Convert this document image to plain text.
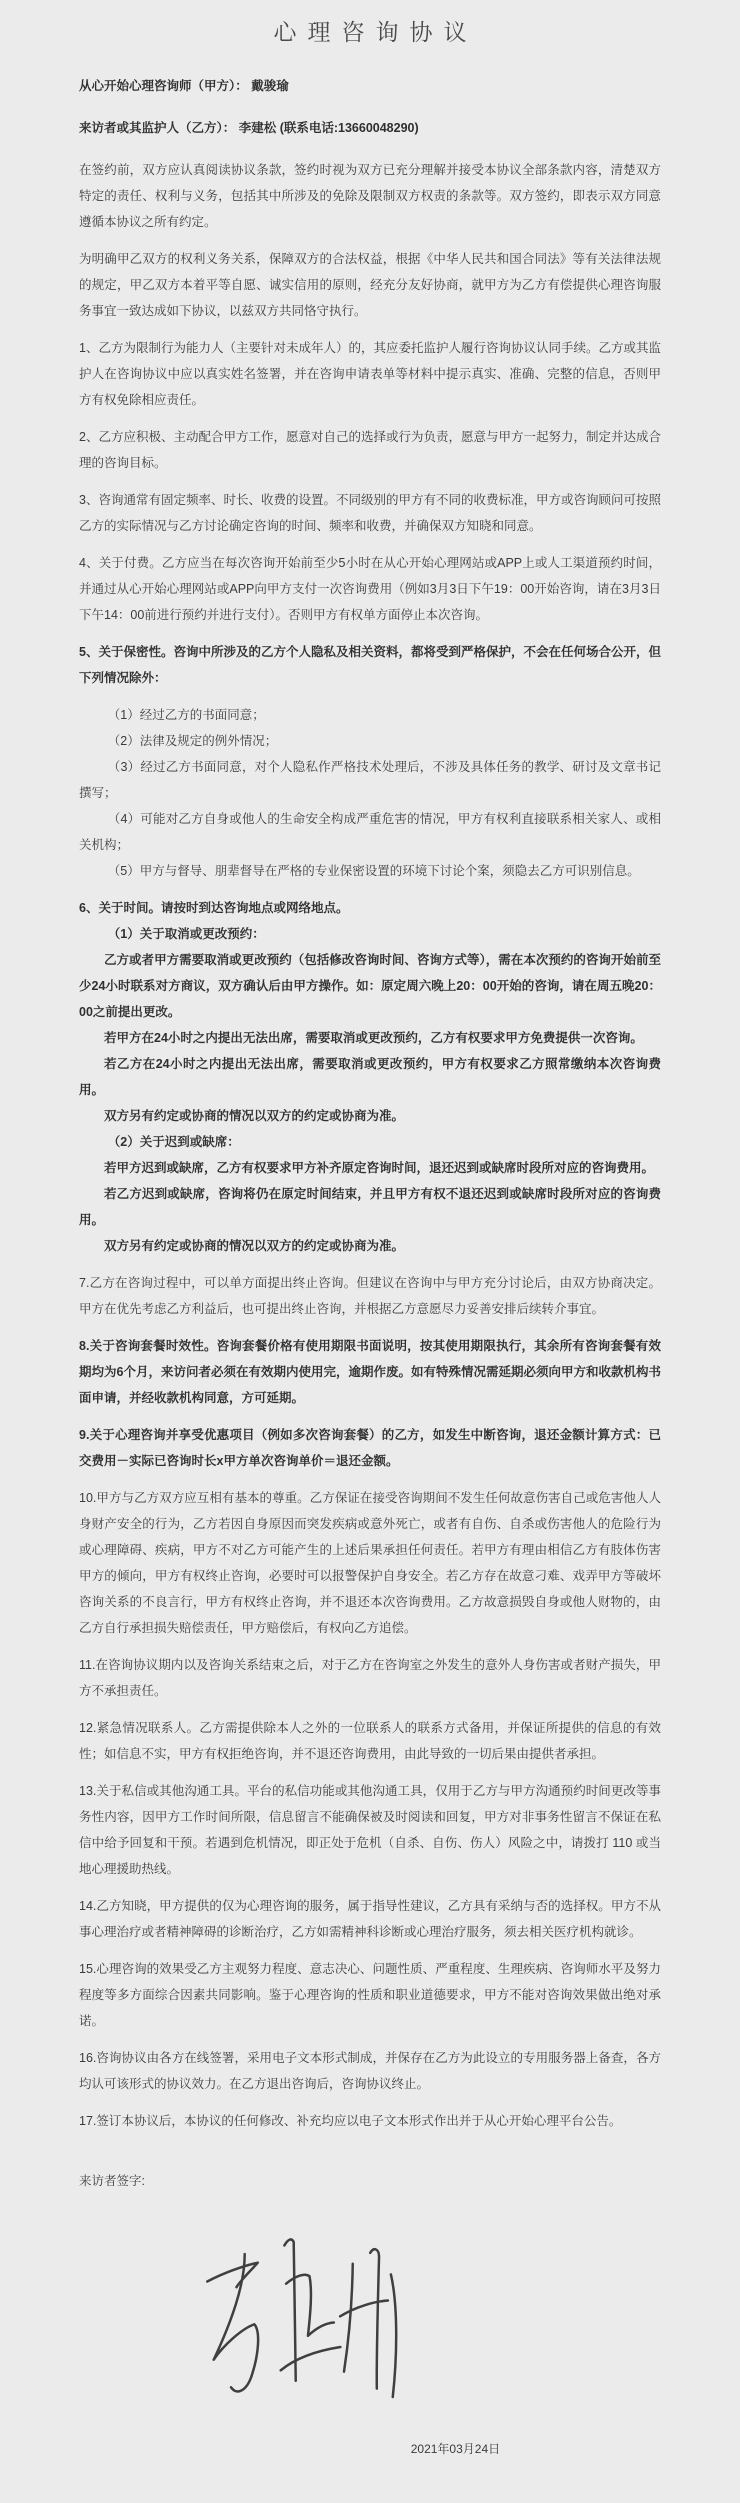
心理咨询协议

从心开始心理咨询师（甲方）： 戴骏瑜

来访者或其监护人（乙方）： 李建松 (联系电话:13660048290)

在签约前，双方应认真阅读协议条款，签约时视为双方已充分理解并接受本协议全部条款内容，清楚双方特定的责任、权利与义务，包括其中所涉及的免除及限制双方权责的条款等。双方签约，即表示双方同意遵循本协议之所有约定。

为明确甲乙双方的权利义务关系，保障双方的合法权益，根据《中华人民共和国合同法》等有关法律法规的规定，甲乙双方本着平等自愿、诚实信用的原则，经充分友好协商，就甲方为乙方有偿提供心理咨询服务事宜一致达成如下协议，以兹双方共同恪守执行。

1、乙方为限制行为能力人（主要针对未成年人）的，其应委托监护人履行咨询协议认同手续。乙方或其监护人在咨询协议中应以真实姓名签署，并在咨询申请表单等材料中提示真实、准确、完整的信息，否则甲方有权免除相应责任。

2、乙方应积极、主动配合甲方工作，愿意对自己的选择或行为负责，愿意与甲方一起努力，制定并达成合理的咨询目标。

3、咨询通常有固定频率、时长、收费的设置。不同级别的甲方有不同的收费标准，甲方或咨询顾问可按照乙方的实际情况与乙方讨论确定咨询的时间、频率和收费，并确保双方知晓和同意。

4、关于付费。乙方应当在每次咨询开始前至少5小时在从心开始心理网站或APP上或人工渠道预约时间，并通过从心开始心理网站或APP向甲方支付一次咨询费用（例如3月3日下午19：00开始咨询，请在3月3日下午14：00前进行预约并进行支付）。否则甲方有权单方面停止本次咨询。

5、关于保密性。咨询中所涉及的乙方个人隐私及相关资料，都将受到严格保护，不会在任何场合公开，但下列情况除外：

（1）经过乙方的书面同意；

（2）法律及规定的例外情况；

（3）经过乙方书面同意，对个人隐私作严格技术处理后，不涉及具体任务的教学、研讨及文章书记撰写；

（4）可能对乙方自身或他人的生命安全构成严重危害的情况，甲方有权利直接联系相关家人、或相关机构；

（5）甲方与督导、朋辈督导在严格的专业保密设置的环境下讨论个案，须隐去乙方可识别信息。

6、关于时间。请按时到达咨询地点或网络地点。

（1）关于取消或更改预约：

乙方或者甲方需要取消或更改预约（包括修改咨询时间、咨询方式等），需在本次预约的咨询开始前至少24小时联系对方商议，双方确认后由甲方操作。如：原定周六晚上20：00开始的咨询，请在周五晚20：00之前提出更改。

若甲方在24小时之内提出无法出席，需要取消或更改预约，乙方有权要求甲方免费提供一次咨询。

若乙方在24小时之内提出无法出席，需要取消或更改预约，甲方有权要求乙方照常缴纳本次咨询费用。

双方另有约定或协商的情况以双方的约定或协商为准。

（2）关于迟到或缺席：

若甲方迟到或缺席，乙方有权要求甲方补齐原定咨询时间，退还迟到或缺席时段所对应的咨询费用。

若乙方迟到或缺席，咨询将仍在原定时间结束，并且甲方有权不退还迟到或缺席时段所对应的咨询费用。

双方另有约定或协商的情况以双方的约定或协商为准。

7.乙方在咨询过程中，可以单方面提出终止咨询。但建议在咨询中与甲方充分讨论后，由双方协商决定。甲方在优先考虑乙方利益后，也可提出终止咨询，并根据乙方意愿尽力妥善安排后续转介事宜。

8.关于咨询套餐时效性。咨询套餐价格有使用期限书面说明，按其使用期限执行，其余所有咨询套餐有效期均为6个月，来访问者必须在有效期内使用完，逾期作废。如有特殊情况需延期必须向甲方和收款机构书面申请，并经收款机构同意，方可延期。

9.关于心理咨询并享受优惠项目（例如多次咨询套餐）的乙方，如发生中断咨询，退还金额计算方式：已交费用－实际已咨询时长x甲方单次咨询单价＝退还金额。

10.甲方与乙方双方应互相有基本的尊重。乙方保证在接受咨询期间不发生任何故意伤害自己或危害他人人身财产安全的行为，乙方若因自身原因而突发疾病或意外死亡，或者有自伤、自杀或伤害他人的危险行为或心理障碍、疾病，甲方不对乙方可能产生的上述后果承担任何责任。若甲方有理由相信乙方有肢体伤害甲方的倾向，甲方有权终止咨询，必要时可以报警保护自身安全。若乙方存在故意刁难、戏弄甲方等破坏咨询关系的不良言行，甲方有权终止咨询，并不退还本次咨询费用。乙方故意损毁自身或他人财物的，由乙方自行承担损失赔偿责任，甲方赔偿后，有权向乙方追偿。

11.在咨询协议期内以及咨询关系结束之后，对于乙方在咨询室之外发生的意外人身伤害或者财产损失，甲方不承担责任。

12.紧急情况联系人。乙方需提供除本人之外的一位联系人的联系方式备用，并保证所提供的信息的有效性；如信息不实，甲方有权拒绝咨询，并不退还咨询费用，由此导致的一切后果由提供者承担。

13.关于私信或其他沟通工具。平台的私信功能或其他沟通工具，仅用于乙方与甲方沟通预约时间更改等事务性内容，因甲方工作时间所限，信息留言不能确保被及时阅读和回复，甲方对非事务性留言不保证在私信中给予回复和干预。若遇到危机情况，即正处于危机（自杀、自伤、伤人）风险之中，请拨打 110 或当地心理援助热线。

14.乙方知晓，甲方提供的仅为心理咨询的服务，属于指导性建议，乙方具有采纳与否的选择权。甲方不从事心理治疗或者精神障碍的诊断治疗，乙方如需精神科诊断或心理治疗服务，须去相关医疗机构就诊。

15.心理咨询的效果受乙方主观努力程度、意志决心、问题性质、严重程度、生理疾病、咨询师水平及努力程度等多方面综合因素共同影响。鉴于心理咨询的性质和职业道德要求，甲方不能对咨询效果做出绝对承诺。

16.咨询协议由各方在线签署，采用电子文本形式制成，并保存在乙方为此设立的专用服务器上备查，各方均认可该形式的协议效力。在乙方退出咨询后，咨询协议终止。

17.签订本协议后，本协议的任何修改、补充均应以电子文本形式作出并于从心开始心理平台公告。

来访者签字:

2021年03月24日
